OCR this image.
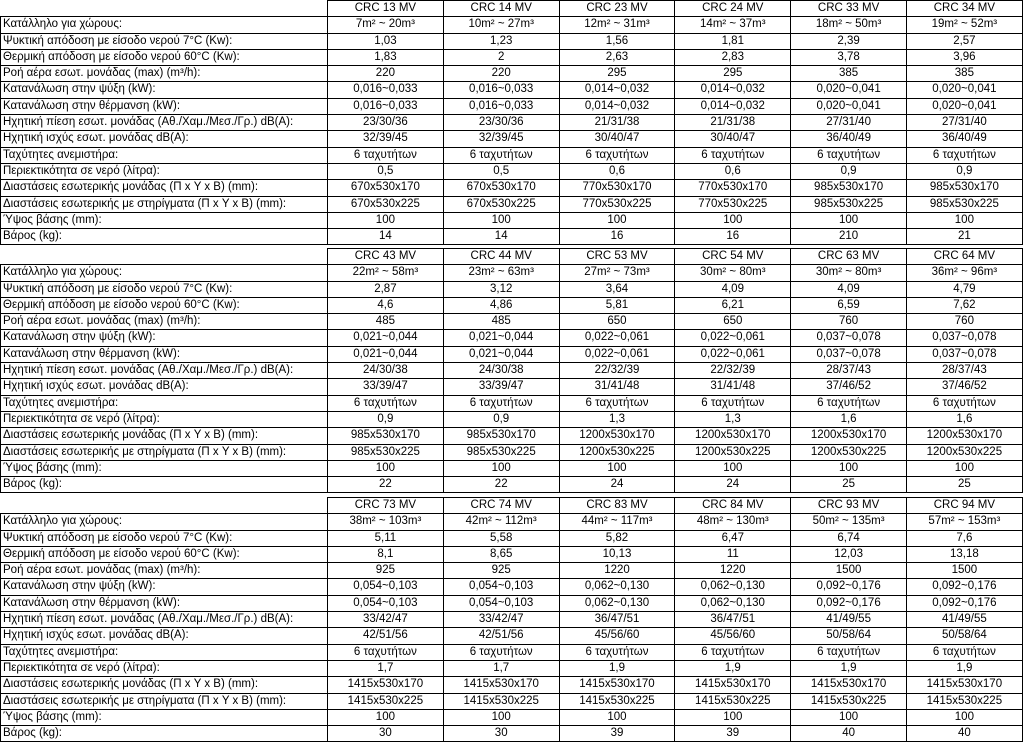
	CRC 13 MV	CRC 14 MV	CRC 23 MV	CRC 24 MV	CRC 33 MV	CRC 34 MV
Κατάλληλο για χώρους:	7m² ~ 20m³	10m² ~ 27m³	12m² ~ 31m³	14m² ~ 37m³	18m² ~ 50m³	19m² ~ 52m³
Ψυκτική απόδοση με είσοδο νερού 7°C (Kw):	1,03	1,23	1,56	1,81	2,39	2,57
Θερμική απόδοση με είσοδο νερού 60°C (Kw):	1,83	2	2,63	2,83	3,78	3,96
Ροή αέρα εσωτ. μονάδας (max) (m³/h):	220	220	295	295	385	385
Κατανάλωση στην ψύξη (kW):	0,016~0,033	0,016~0,033	0,014~0,032	0,014~0,032	0,020~0,041	0,020~0,041
Κατανάλωση στην θέρμανση (kW):	0,016~0,033	0,016~0,033	0,014~0,032	0,014~0,032	0,020~0,041	0,020~0,041
Ηχητική πίεση εσωτ. μονάδας (Αθ./Χαμ./Μεσ./Γρ.) dB(A):	23/30/36	23/30/36	21/31/38	21/31/38	27/31/40	27/31/40
Ηχητική ισχύς εσωτ. μονάδας dB(A):	32/39/45	32/39/45	30/40/47	30/40/47	36/40/49	36/40/49
Ταχύτητες ανεμιστήρα:	6 ταχυτήτων	6 ταχυτήτων	6 ταχυτήτων	6 ταχυτήτων	6 ταχυτήτων	6 ταχυτήτων
Περιεκτικότητα σε νερό (λίτρα):	0,5	0,5	0,6	0,6	0,9	0,9
Διαστάσεις εσωτερικής μονάδας (Π x Υ x Β) (mm):	670x530x170	670x530x170	770x530x170	770x530x170	985x530x170	985x530x170
Διαστάσεις εσωτερικής με στηρίγματα (Π x Υ x Β) (mm):	670x530x225	670x530x225	770x530x225	770x530x225	985x530x225	985x530x225
Ύψος βάσης (mm):	100	100	100	100	100	100
Βάρος (kg):	14	14	16	16	210	21
	CRC 43 MV	CRC 44 MV	CRC 53 MV	CRC 54 MV	CRC 63 MV	CRC 64 MV
Κατάλληλο για χώρους:	22m² ~ 58m³	23m² ~ 63m³	27m² ~ 73m³	30m² ~ 80m³	30m² ~ 80m³	36m² ~ 96m³
Ψυκτική απόδοση με είσοδο νερού 7°C (Kw):	2,87	3,12	3,64	4,09	4,09	4,79
Θερμική απόδοση με είσοδο νερού 60°C (Kw):	4,6	4,86	5,81	6,21	6,59	7,62
Ροή αέρα εσωτ. μονάδας (max) (m³/h):	485	485	650	650	760	760
Κατανάλωση στην ψύξη (kW):	0,021~0,044	0,021~0,044	0,022~0,061	0,022~0,061	0,037~0,078	0,037~0,078
Κατανάλωση στην θέρμανση (kW):	0,021~0,044	0,021~0,044	0,022~0,061	0,022~0,061	0,037~0,078	0,037~0,078
Ηχητική πίεση εσωτ. μονάδας (Αθ./Χαμ./Μεσ./Γρ.) dB(A):	24/30/38	24/30/38	22/32/39	22/32/39	28/37/43	28/37/43
Ηχητική ισχύς εσωτ. μονάδας dB(A):	33/39/47	33/39/47	31/41/48	31/41/48	37/46/52	37/46/52
Ταχύτητες ανεμιστήρα:	6 ταχυτήτων	6 ταχυτήτων	6 ταχυτήτων	6 ταχυτήτων	6 ταχυτήτων	6 ταχυτήτων
Περιεκτικότητα σε νερό (λίτρα):	0,9	0,9	1,3	1,3	1,6	1,6
Διαστάσεις εσωτερικής μονάδας (Π x Υ x Β) (mm):	985x530x170	985x530x170	1200x530x170	1200x530x170	1200x530x170	1200x530x170
Διαστάσεις εσωτερικής με στηρίγματα (Π x Υ x Β) (mm):	985x530x225	985x530x225	1200x530x225	1200x530x225	1200x530x225	1200x530x225
Ύψος βάσης (mm):	100	100	100	100	100	100
Βάρος (kg):	22	22	24	24	25	25
	CRC 73 MV	CRC 74 MV	CRC 83 MV	CRC 84 MV	CRC 93 MV	CRC 94 MV
Κατάλληλο για χώρους:	38m² ~ 103m³	42m² ~ 112m³	44m² ~ 117m³	48m² ~ 130m³	50m² ~ 135m³	57m² ~ 153m³
Ψυκτική απόδοση με είσοδο νερού 7°C (Kw):	5,11	5,58	5,82	6,47	6,74	7,6
Θερμική απόδοση με είσοδο νερού 60°C (Kw):	8,1	8,65	10,13	11	12,03	13,18
Ροή αέρα εσωτ. μονάδας (max) (m³/h):	925	925	1220	1220	1500	1500
Κατανάλωση στην ψύξη (kW):	0,054~0,103	0,054~0,103	0,062~0,130	0,062~0,130	0,092~0,176	0,092~0,176
Κατανάλωση στην θέρμανση (kW):	0,054~0,103	0,054~0,103	0,062~0,130	0,062~0,130	0,092~0,176	0,092~0,176
Ηχητική πίεση εσωτ. μονάδας (Αθ./Χαμ./Μεσ./Γρ.) dB(A):	33/42/47	33/42/47	36/47/51	36/47/51	41/49/55	41/49/55
Ηχητική ισχύς εσωτ. μονάδας dB(A):	42/51/56	42/51/56	45/56/60	45/56/60	50/58/64	50/58/64
Ταχύτητες ανεμιστήρα:	6 ταχυτήτων	6 ταχυτήτων	6 ταχυτήτων	6 ταχυτήτων	6 ταχυτήτων	6 ταχυτήτων
Περιεκτικότητα σε νερό (λίτρα):	1,7	1,7	1,9	1,9	1,9	1,9
Διαστάσεις εσωτερικής μονάδας (Π x Υ x Β) (mm):	1415x530x170	1415x530x170	1415x530x170	1415x530x170	1415x530x170	1415x530x170
Διαστάσεις εσωτερικής με στηρίγματα (Π x Υ x Β) (mm):	1415x530x225	1415x530x225	1415x530x225	1415x530x225	1415x530x225	1415x530x225
Ύψος βάσης (mm):	100	100	100	100	100	100
Βάρος (kg):	30	30	39	39	40	40
